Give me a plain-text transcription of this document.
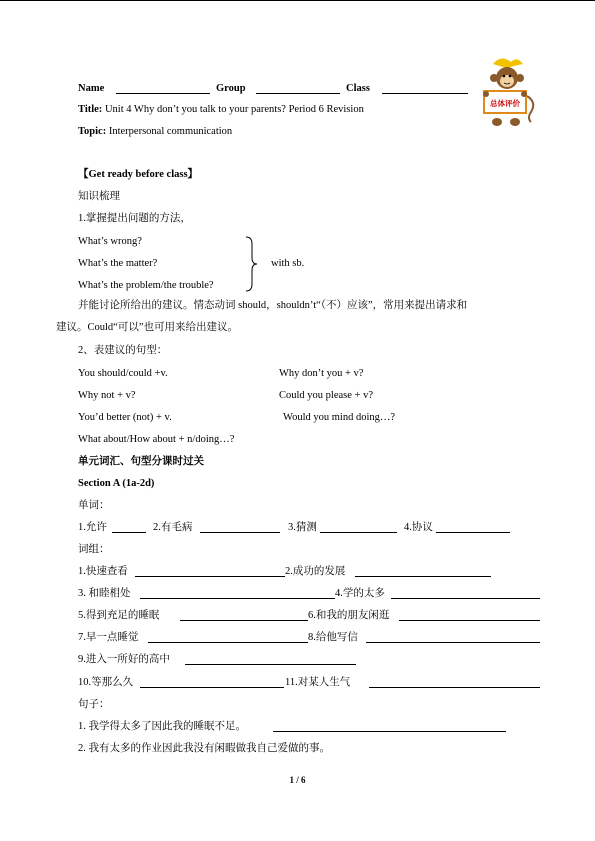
Name	Group	Class
Title: Unit 4 Why don’t you talk to your parents? Period 6 Revision
Topic: Interpersonal communication
总体评价
【Get ready before class】
知识梳理
1.掌握提出问题的方法，
What’s wrong?
What’s the matter?
What’s the problem/the trouble?
with sb.
并能讨论所给出的建议。情态动词 should，shouldn’t“（不）应该”，常用来提出请求和
建议。Could“可以”也可用来给出建议。
2、表建议的句型：
You should/could +v.	Why don’t you + v?
Why not + v?	Could you please + v?
You’d better (not) + v.	Would you mind doing…?
What about/How about + n/doing…?
单元词汇、句型分课时过关
Section A (1a-2d)
单词：
1.允许	2.有毛病	3.猜测	4.协议
词组：
1.快速查看	2.成功的发展
3. 和睦相处	4.学的太多
5.得到充足的睡眠	6.和我的朋友闲逛
7.早一点睡觉	8.给他写信
9.进入一所好的高中
10.等那么久	11.对某人生气
句子：
1. 我学得太多了因此我的睡眠不足。
2. 我有太多的作业因此我没有闲暇做我自己爱做的事。
1 / 6
